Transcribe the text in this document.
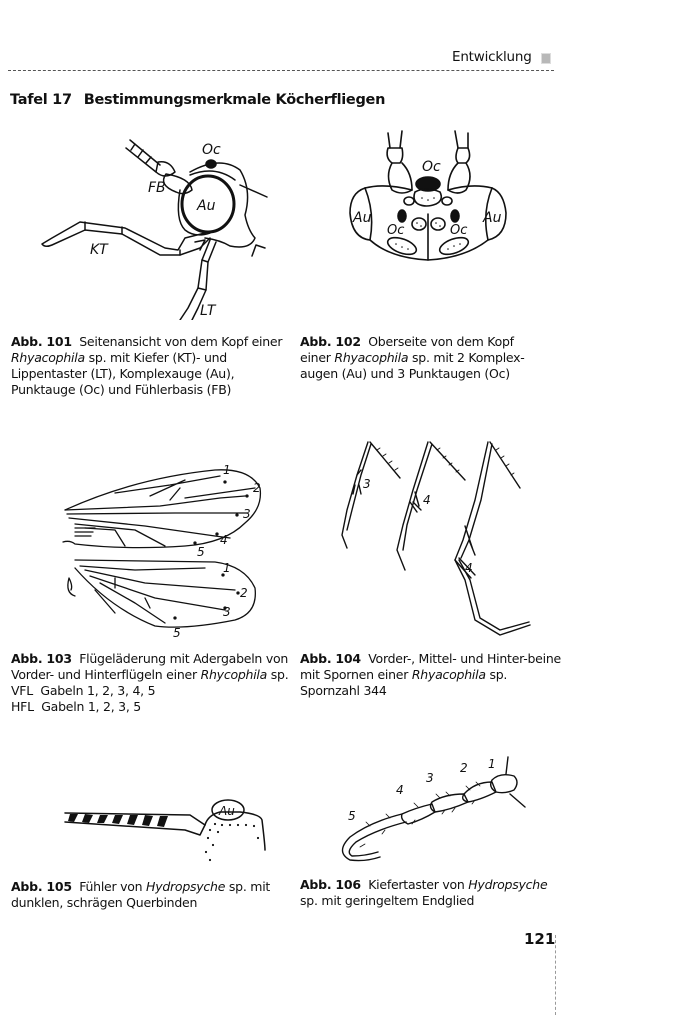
Entwicklung
Tafel 17 Bestimmungsmerkmale Köcherfliegen
Oc
FB
Au
KT
LT
Oc
Au	Au
Oc	Oc
Abb. 101 Seitenansicht von dem Kopf einer Rhyacophila sp. mit Kiefer (KT)- und Lippentaster (LT), Komplexauge (Au), Punktauge (Oc) und Fühlerbasis (FB)
Abb. 102 Oberseite von dem Kopf einer Rhyacophila sp. mit 2 Komplex-augen (Au) und 3 Punktaugen (Oc)
1
2
3
4
5
1
2
3
5
3
4
4
Abb. 103 Flügeläderung mit Adergabeln von Vorder- und Hinterflügeln einer Rhycophila sp.
VFL  Gabeln 1, 2, 3, 4, 5
HFL  Gabeln 1, 2, 3, 5
Abb. 104 Vorder-, Mittel- und Hinter-beine mit Spornen einer Rhyacophila sp.
Spornzahl 344
Au
1
2
3
4
5
Abb. 105 Fühler von Hydropsyche sp. mit dunklen, schrägen Querbinden
Abb. 106 Kiefertaster von Hydropsyche sp. mit geringeltem Endglied
121
